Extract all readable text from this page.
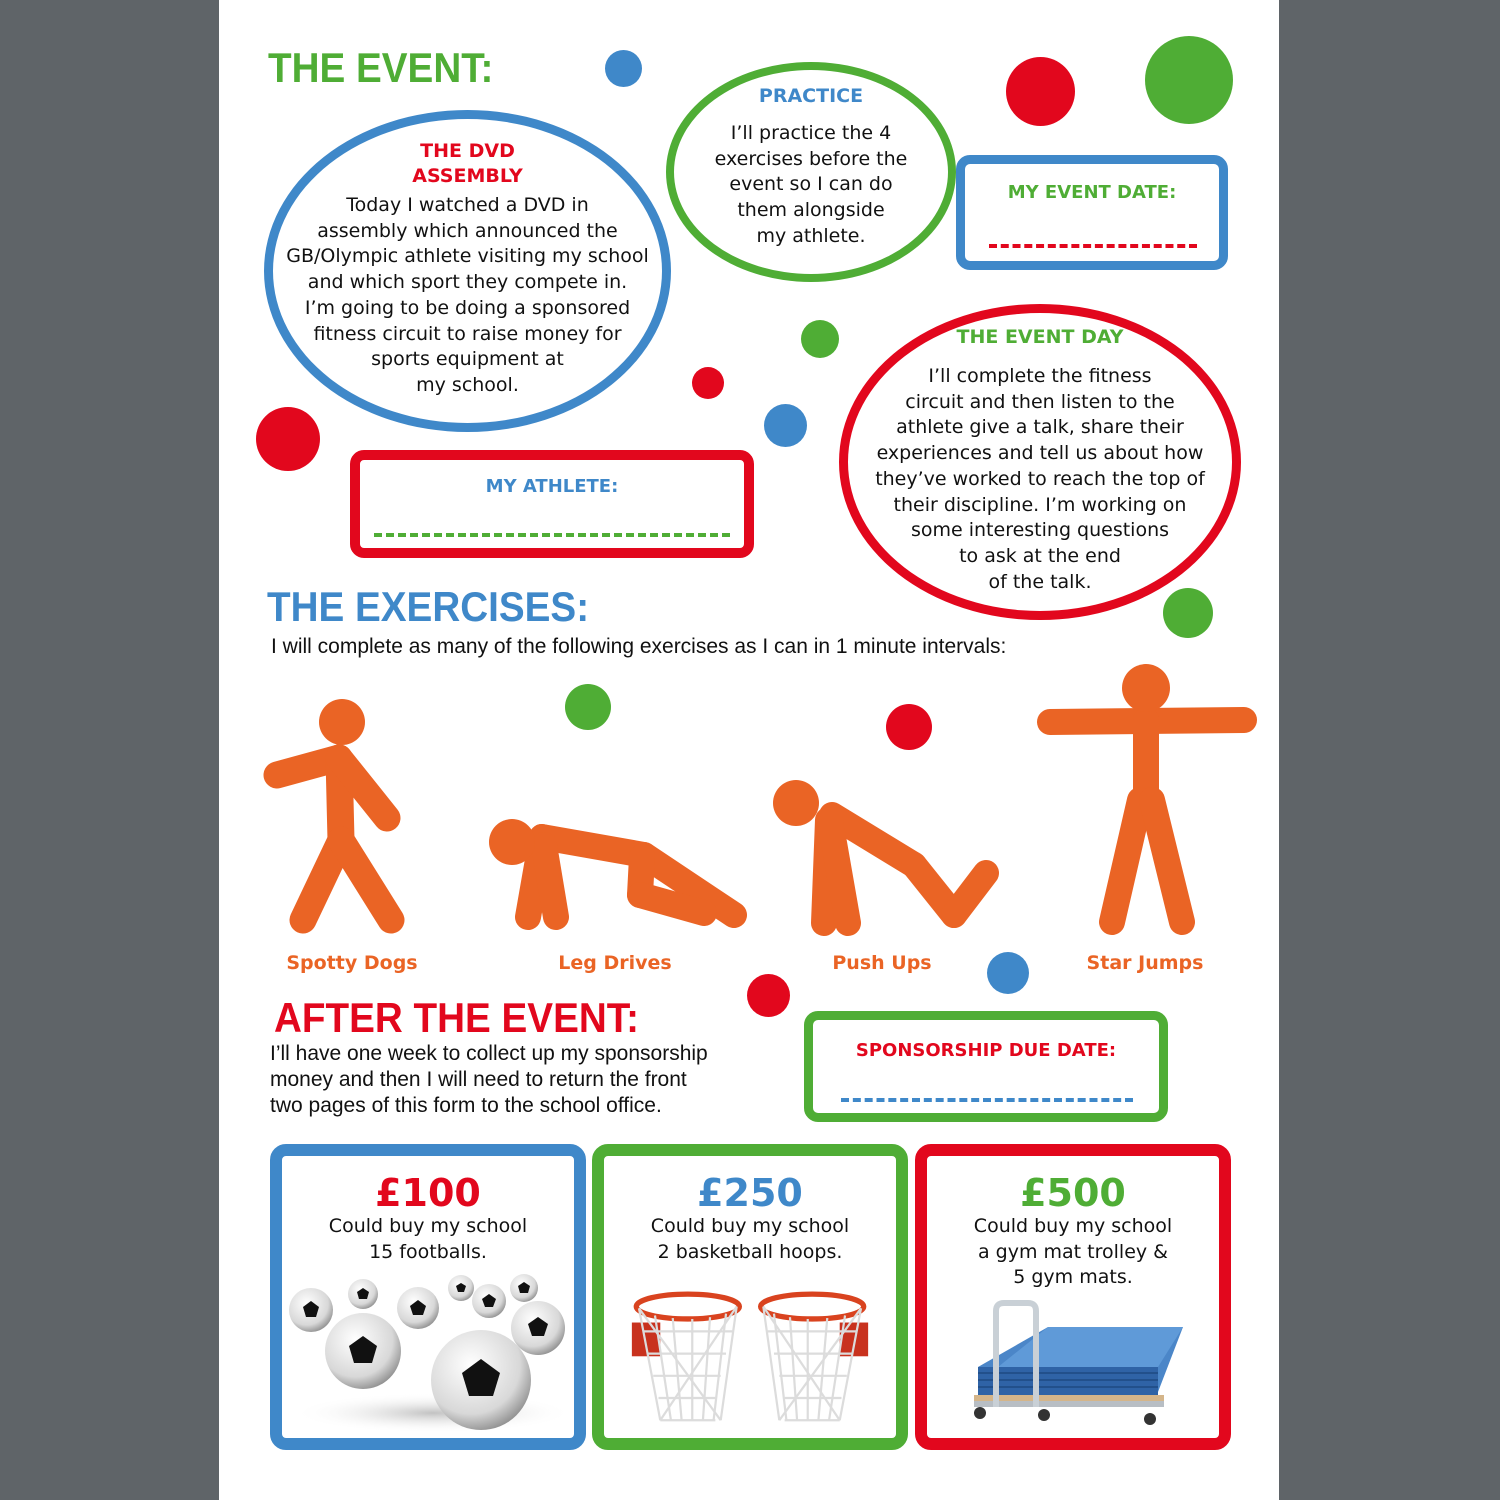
THE EVENT:
THE DVD
ASSEMBLY
Today I watched a DVD in
assembly which announced the
GB/Olympic athlete visiting my school
and which sport they compete in.
I’m going to be doing a sponsored
fitness circuit to raise money for
sports equipment at
my school.
PRACTICE
I’ll practice the 4
exercises before the
event so I can do
them alongside
my athlete.
MY EVENT DATE:
THE EVENT DAY
I’ll complete the fitness
circuit and then listen to the
athlete give a talk, share their
experiences and tell us about how
they’ve worked to reach the top of
their discipline. I’m working on
some interesting questions
to ask at the end
of the talk.
MY ATHLETE:
THE EXERCISES:
I will complete as many of the following exercises as I can in 1 minute intervals:
Spotty Dogs	Leg Drives	Push Ups	Star Jumps
AFTER THE EVENT:
I’ll have one week to collect up my sponsorship
money and then I will need to return the front
two pages of this form to the school office.
SPONSORSHIP DUE DATE:
£100
Could buy my school
15 footballs.
£250
Could buy my school
2 basketball hoops.
£500
Could buy my school
a gym mat trolley &
5 gym mats.
